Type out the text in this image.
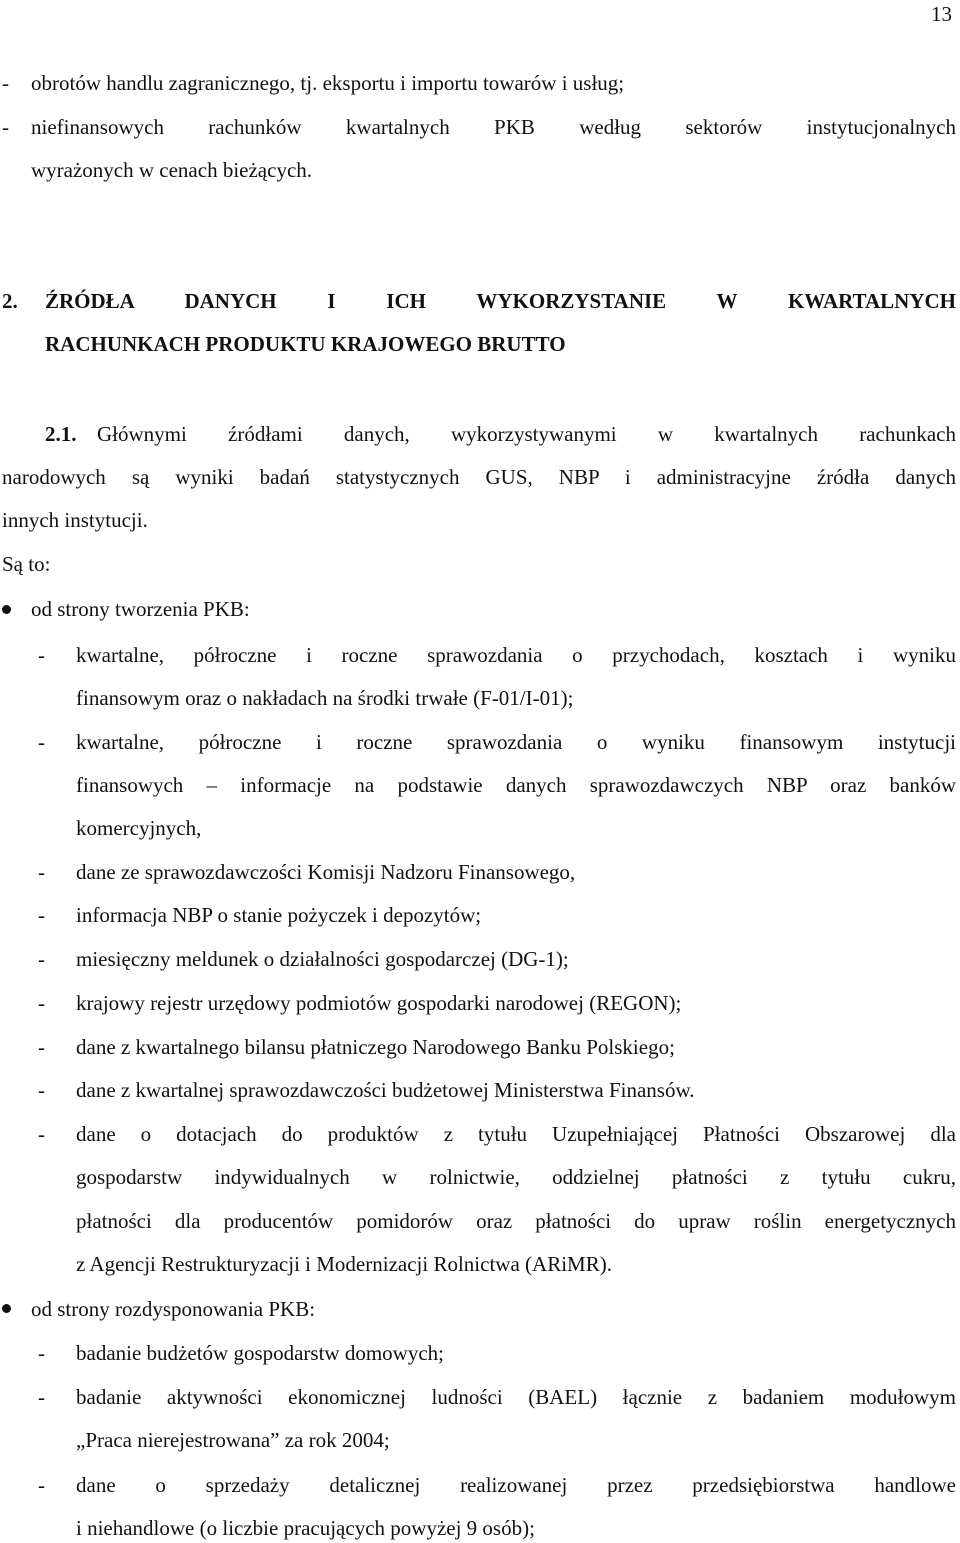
13
- obrotów handlu zagranicznego, tj. eksportu i importu towarów i usług;
- niefinansowych rachunków kwartalnych PKB według sektorów instytucjonalnych
wyrażonych w cenach bieżących.
2. ŹRÓDŁA DANYCH I ICH WYKORZYSTANIE W KWARTALNYCH
RACHUNKACH PRODUKTU KRAJOWEGO BRUTTO
2.1. Głównymi źródłami danych, wykorzystywanymi w kwartalnych rachunkach
narodowych są wyniki badań statystycznych GUS, NBP i administracyjne źródła danych
innych instytucji.
Są to:
od strony tworzenia PKB:
- kwartalne, półroczne i roczne sprawozdania o przychodach, kosztach i wyniku
finansowym oraz o nakładach na środki trwałe (F-01/I-01);
- kwartalne, półroczne i roczne sprawozdania o wyniku finansowym instytucji
finansowych – informacje na podstawie danych sprawozdawczych NBP oraz banków
komercyjnych,
- dane ze sprawozdawczości Komisji Nadzoru Finansowego,
- informacja NBP o stanie pożyczek i depozytów;
- miesięczny meldunek o działalności gospodarczej (DG-1);
- krajowy rejestr urzędowy podmiotów gospodarki narodowej (REGON);
- dane z kwartalnego bilansu płatniczego Narodowego Banku Polskiego;
- dane z kwartalnej sprawozdawczości budżetowej Ministerstwa Finansów.
- dane o dotacjach do produktów z tytułu Uzupełniającej Płatności Obszarowej dla
gospodarstw indywidualnych w rolnictwie, oddzielnej płatności z tytułu cukru,
płatności dla producentów pomidorów oraz płatności do upraw roślin energetycznych
z Agencji Restrukturyzacji i Modernizacji Rolnictwa (ARiMR).
od strony rozdysponowania PKB:
- badanie budżetów gospodarstw domowych;
- badanie aktywności ekonomicznej ludności (BAEL) łącznie z badaniem modułowym
„Praca nierejestrowana” za rok 2004;
- dane o sprzedaży detalicznej realizowanej przez przedsiębiorstwa handlowe
i niehandlowe (o liczbie pracujących powyżej 9 osób);
